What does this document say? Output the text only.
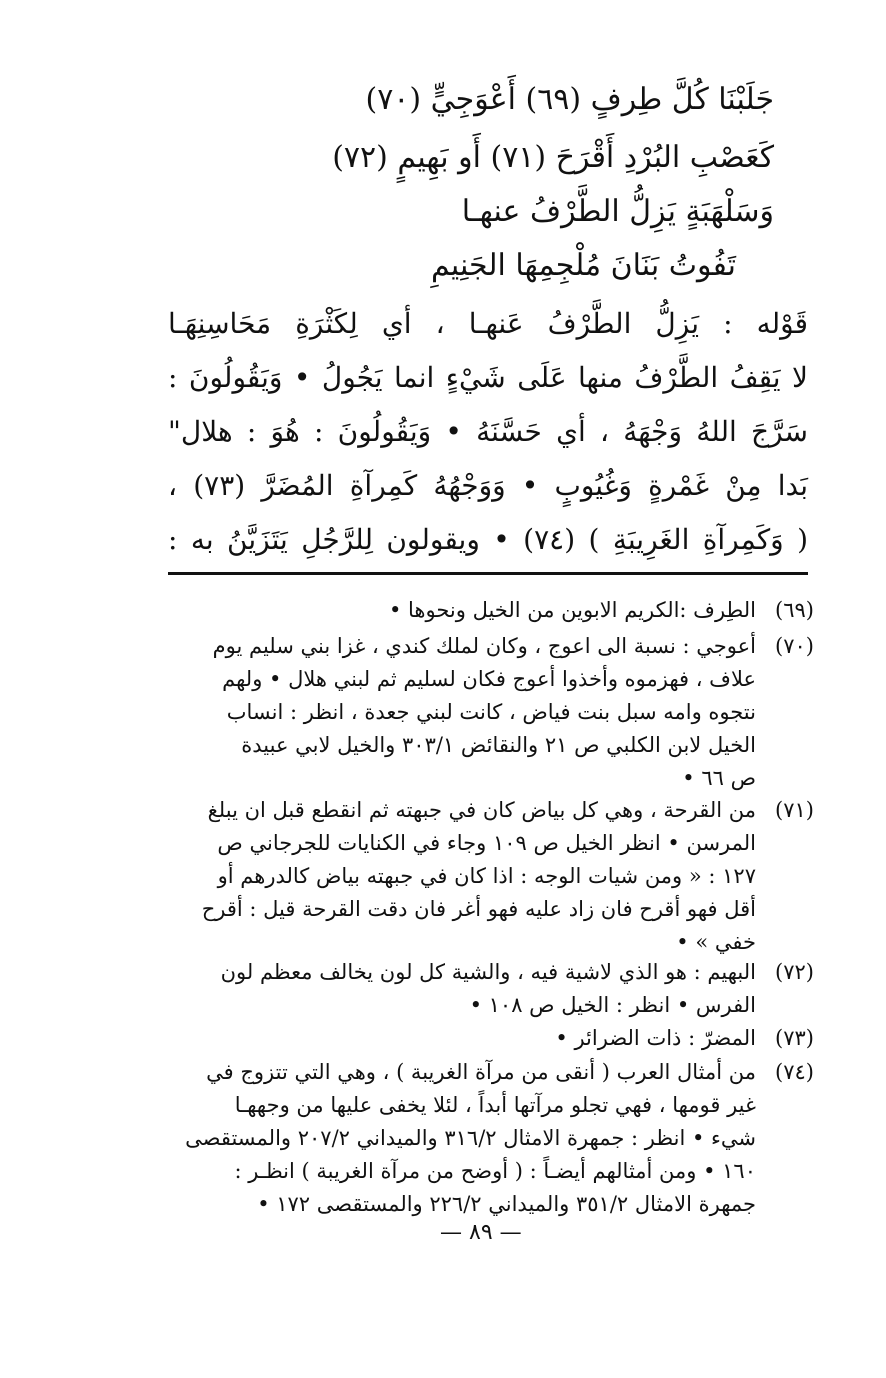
جَلَبْنَا كُلَّ طِرفٍ (٦٩) أَعْوَجِيٍّ (٧٠)
كَعَصْبِ البُرْدِ أَقْرَحَ (٧١) أَو بَهِيمٍ (٧٢)
وَسَلْهَبَةٍ يَزِلُّ الطَّرْفُ عنهـا
تَفُوتُ بَنَانَ مُلْجِمِهَا الجَنِيمِ
قَوْله : يَزِلُّ الطَّرْفُ عَنهـا ، أي لِكَثْرَةِ مَحَاسِنِهَـا
لا يَقِفُ الطَّرْفُ منها عَلَى شَيْءٍ انما يَجُولُ • وَيَقُولُونَ :
سَرَّجَ اللهُ وَجْهَهُ ، أي حَسَّنَهُ • وَيَقُولُونَ : هُوَ : هلال"
بَدا مِنْ غَمْرةٍ وَغُيُوبٍ • وَوَجْهُهُ كَمِرآةِ المُضَرَّ (٧٣) ،
( وَكَمِرآةِ الغَرِيبَةِ ) (٧٤) • ويقولون لِلرَّجُلِ يَتَزَيَّنُ به :
(٦٩)
الطِرف :الكريم الابوين من الخيل ونحوها •
(٧٠)
أعوجي : نسبة الى اعوج ، وكان لملك كندي ، غزا بني سليم يوم
علاف ، فهزموه وأخذوا أعوج فكان لسليم ثم لبني هلال • ولهم
نتجوه وامه سبل بنت فياض ، كانت لبني جعدة ، انظر : انساب
الخيل لابن الكلبي ص ٢١ والنقائض ٣٠٣/١ والخيل لابي عبيدة
ص ٦٦ •
(٧١)
من القرحة ، وهي كل بياض كان في جبهته ثم انقطع قبل ان يبلغ
المرسن • انظر الخيل ص ١٠٩ وجاء في الكنايات للجرجاني ص
١٢٧ : « ومن شيات الوجه : اذا كان في جبهته بياض كالدرهم أو
أقل فهو أقرح فان زاد عليه فهو أغر فان دقت القرحة قيل : أقرح
خفي » •
(٧٢)
البهيم : هو الذي لاشية فيه ، والشية كل لون يخالف معظم لون
الفرس • انظر : الخيل ص ١٠٨ •
(٧٣)
المضرّ : ذات الضرائر •
(٧٤)
من أمثال العرب ( أنقى من مرآة الغريبة ) ، وهي التي تتزوج في
غير قومها ، فهي تجلو مرآتها أبداً ، لئلا يخفى عليها من وجههـا
شيء • انظر : جمهرة الامثال ٣١٦/٢ والميداني ٢٠٧/٢ والمستقصى
١٦٠ • ومن أمثالهم أيضـاً : ( أوضح من مرآة الغريبة ) انظـر :
جمهرة الامثال ٣٥١/٢ والميداني ٢٢٦/٢ والمستقصى ١٧٢ •
— ٨٩ —
